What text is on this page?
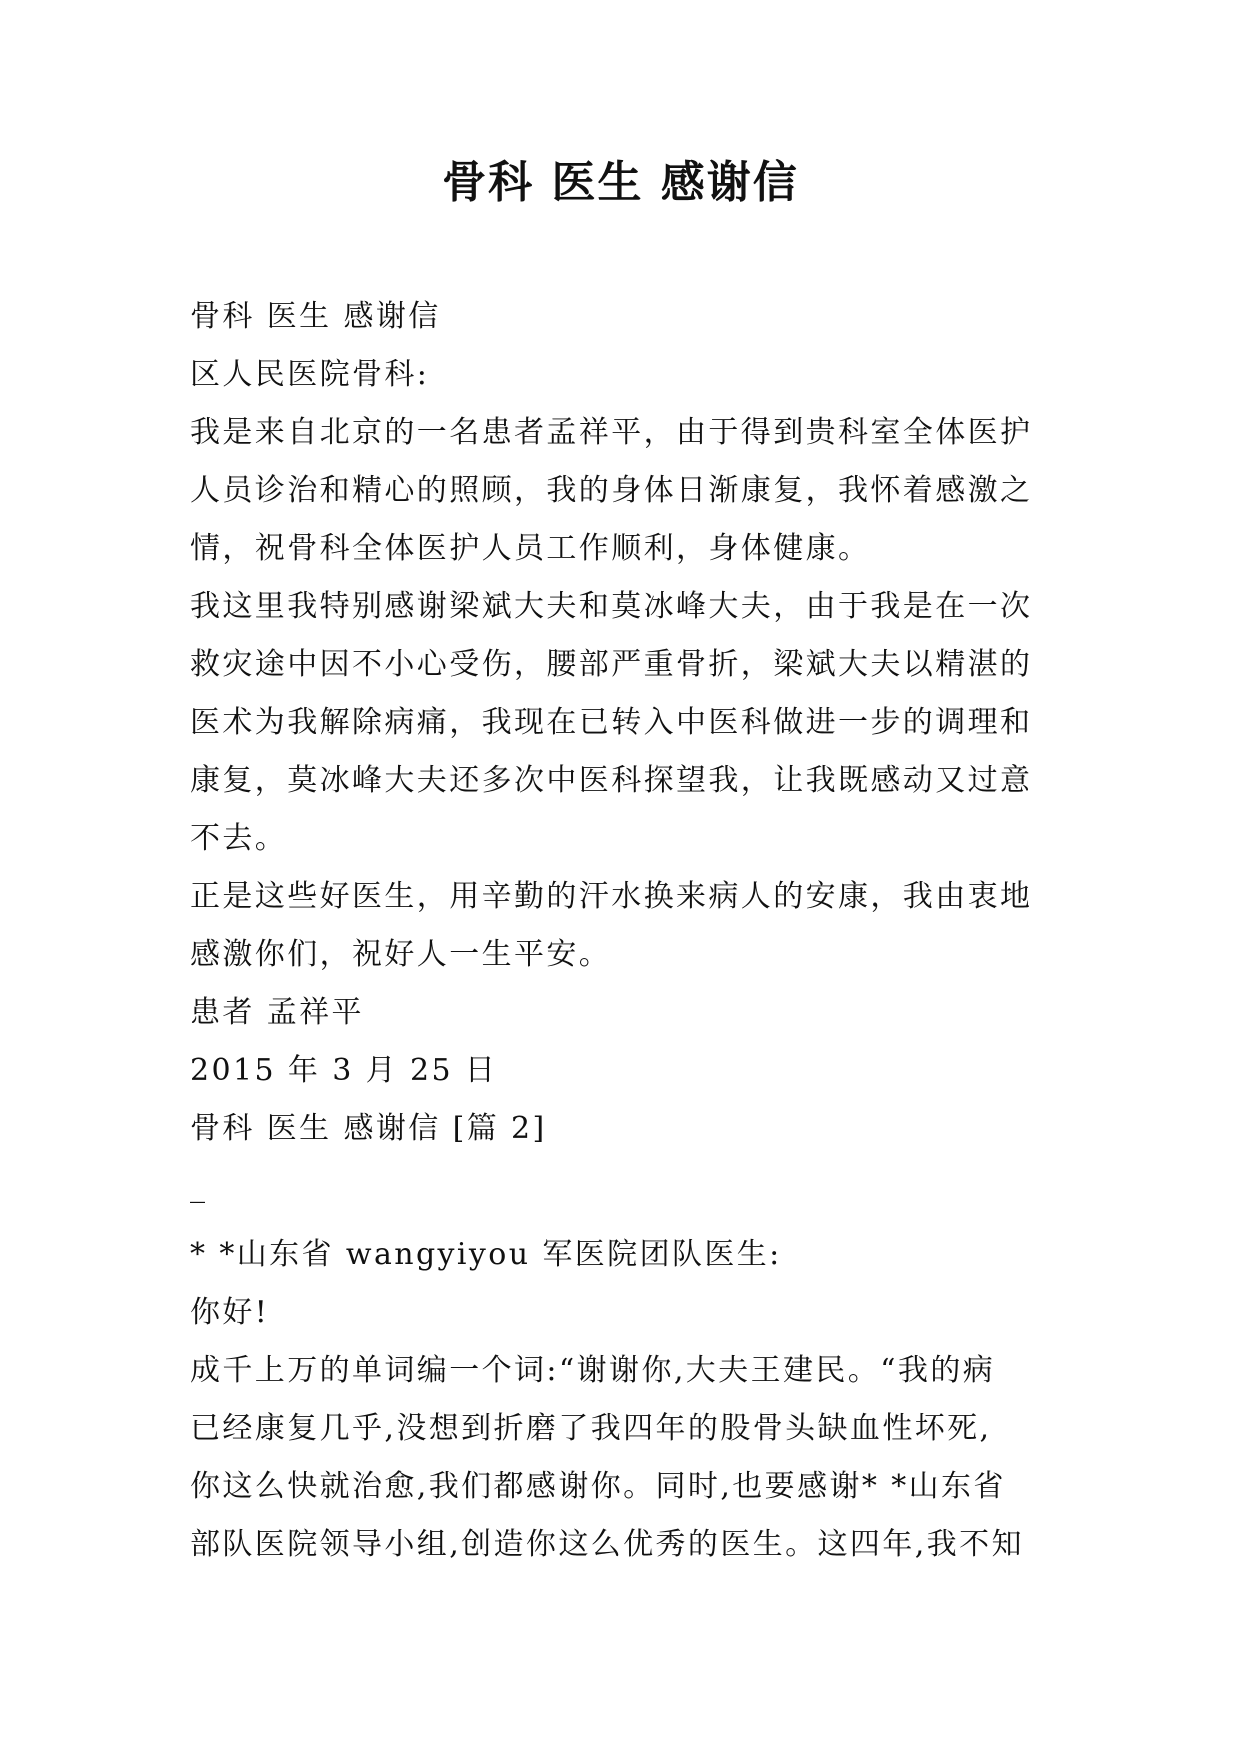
骨科 医生 感谢信
骨科 医生 感谢信
区人民医院骨科:
我是来自北京的一名患者孟祥平，由于得到贵科室全体医护
人员诊治和精心的照顾，我的身体日渐康复，我怀着感激之
情，祝骨科全体医护人员工作顺利，身体健康。
我这里我特别感谢梁斌大夫和莫冰峰大夫，由于我是在一次
救灾途中因不小心受伤，腰部严重骨折，梁斌大夫以精湛的
医术为我解除病痛，我现在已转入中医科做进一步的调理和
康复，莫冰峰大夫还多次中医科探望我，让我既感动又过意
不去。
正是这些好医生，用辛勤的汗水换来病人的安康，我由衷地
感激你们，祝好人一生平安。
患者 孟祥平
2015 年 3 月 25 日
骨科 医生 感谢信 [篇 2]
_
* *山东省 wangyiyou 军医院团队医生:
你好!
成千上万的单词编一个词:“谢谢你,大夫王建民。“我的病
已经康复几乎,没想到折磨了我四年的股骨头缺血性坏死,
你这么快就治愈,我们都感谢你。同时,也要感谢* *山东省
部队医院领导小组,创造你这么优秀的医生。这四年,我不知
